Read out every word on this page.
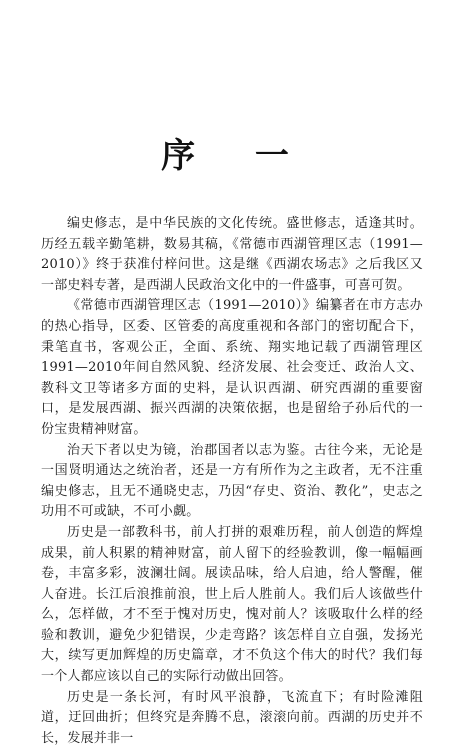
序 一

编史修志，是中华民族的文化传统。盛世修志，适逢其时。历经五载辛勤笔耕，数易其稿，《常德市西湖管理区志（1991—2010）》终于获准付梓问世。这是继《西湖农场志》之后我区又一部史料专著，是西湖人民政治文化中的一件盛事，可喜可贺。

《常德市西湖管理区志（1991—2010）》编纂者在市方志办的热心指导，区委、区管委的高度重视和各部门的密切配合下，秉笔直书，客观公正，全面、系统、翔实地记载了西湖管理区1991—2010年间自然风貌、经济发展、社会变迁、政治人文、教科文卫等诸多方面的史料，是认识西湖、研究西湖的重要窗口，是发展西湖、振兴西湖的决策依据，也是留给子孙后代的一份宝贵精神财富。

治天下者以史为镜，治郡国者以志为鉴。古往今来，无论是一国贤明通达之统治者，还是一方有所作为之主政者，无不注重编史修志，且无不通晓史志，乃因“存史、资治、教化”，史志之功用不可或缺，不可小觑。

历史是一部教科书，前人打拼的艰难历程，前人创造的辉煌成果，前人积累的精神财富，前人留下的经验教训，像一幅幅画卷，丰富多彩，波澜壮阔。展读品味，给人启迪，给人警醒，催人奋进。长江后浪推前浪，世上后人胜前人。我们后人该做些什么，怎样做，才不至于愧对历史，愧对前人？该吸取什么样的经验和教训，避免少犯错误，少走弯路？该怎样自立自强，发扬光大，续写更加辉煌的历史篇章，才不负这个伟大的时代？我们每一个人都应该以自己的实际行动做出回答。

历史是一条长河，有时风平浪静，飞流直下；有时险滩阻道，迂回曲折；但终究是奔腾不息，滚滚向前。西湖的历史并不长，发展并非一
